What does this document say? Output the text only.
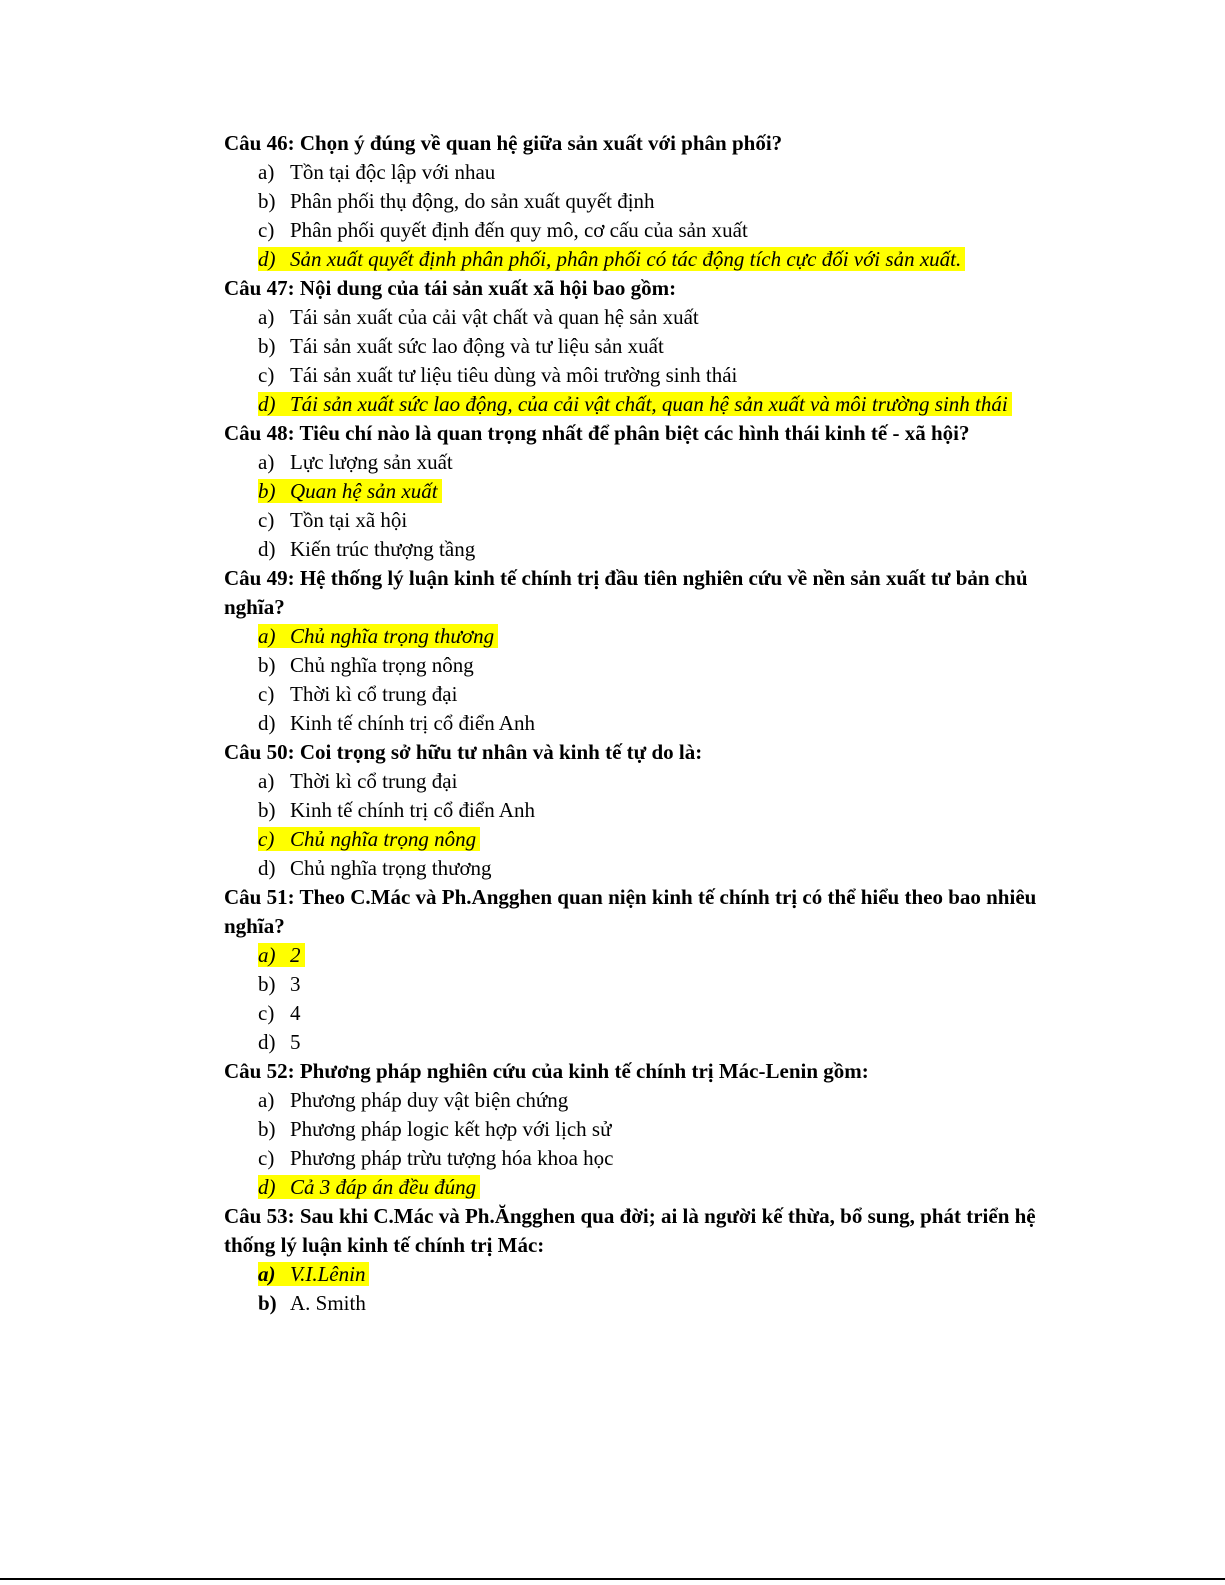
Câu 46: Chọn ý đúng về quan hệ giữa sản xuất với phân phối?

a) Tồn tại độc lập với nhau
b) Phân phối thụ động, do sản xuất quyết định
c) Phân phối quyết định đến quy mô, cơ cấu của sản xuất
d) Sản xuất quyết định phân phối, phân phối có tác động tích cực đối với sản xuất.

Câu 47: Nội dung của tái sản xuất xã hội bao gồm:

a) Tái sản xuất của cải vật chất và quan hệ sản xuất
b) Tái sản xuất sức lao động và tư liệu sản xuất
c) Tái sản xuất tư liệu tiêu dùng và môi trường sinh thái
d) Tái sản xuất sức lao động, của cải vật chất, quan hệ sản xuất và môi trường sinh thái

Câu 48: Tiêu chí nào là quan trọng nhất để phân biệt các hình thái kinh tế - xã hội?

a) Lực lượng sản xuất
b) Quan hệ sản xuất
c) Tồn tại xã hội
d) Kiến trúc thượng tầng

Câu 49: Hệ thống lý luận kinh tế chính trị đầu tiên nghiên cứu về nền sản xuất tư bản chủ nghĩa?

a) Chủ nghĩa trọng thương
b) Chủ nghĩa trọng nông
c) Thời kì cổ trung đại
d) Kinh tế chính trị cổ điển Anh

Câu 50: Coi trọng sở hữu tư nhân và kinh tế tự do là:

a) Thời kì cổ trung đại
b) Kinh tế chính trị cổ điển Anh
c) Chủ nghĩa trọng nông
d) Chủ nghĩa trọng thương

Câu 51: Theo C.Mác và Ph.Angghen quan niện kinh tế chính trị có thể hiểu theo bao nhiêu nghĩa?

a) 2
b) 3
c) 4
d) 5

Câu 52: Phương pháp nghiên cứu của kinh tế chính trị Mác-Lenin gồm:

a) Phương pháp duy vật biện chứng
b) Phương pháp logic kết hợp với lịch sử
c) Phương pháp trừu tượng hóa khoa học
d) Cả 3 đáp án đều đúng

Câu 53: Sau khi C.Mác và Ph.Ăngghen qua đời; ai là người kế thừa, bổ sung, phát triển hệ thống lý luận kinh tế chính trị Mác:

a) V.I.Lênin
b) A. Smith
